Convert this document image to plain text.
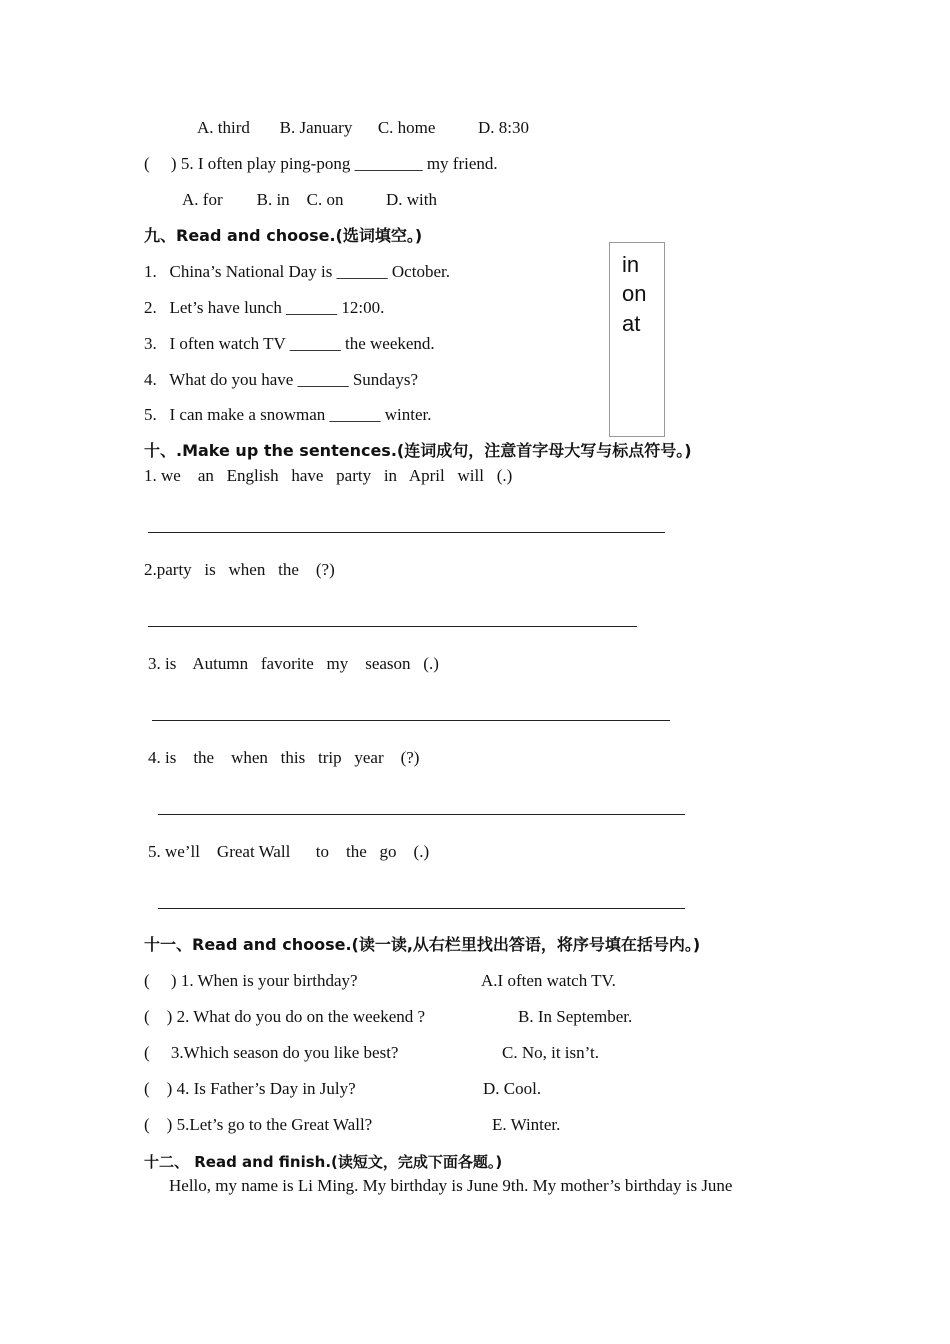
A. third       B. January      C. home          D. 8:30
(     ) 5. I often play ping-pong ________ my friend.
A. for        B. in    C. on          D. with
九、Read and choose.(选词填空。)
1.   China’s National Day is ______ October.
2.   Let’s have lunch ______ 12:00.
3.   I often watch TV ______ the weekend.
4.   What do you have ______ Sundays?
5.   I can make a snowman ______ winter.
in
on
at
十、.Make up the sentences.(连词成句，注意首字母大写与标点符号。)
1. we    an   English   have   party   in   April   will   (.)
2.party   is   when   the    (?)
3. is    Autumn   favorite   my    season   (.)
4. is    the    when   this   trip   year    (?)
5. we’ll    Great Wall      to    the   go    (.)
十一、Read and choose.(读一读,从右栏里找出答语，将序号填在括号内。)
(     ) 1. When is your birthday?	A.I often watch TV.
(    ) 2. What do you do on the weekend ?	B. In September.
(     3.Which season do you like best?	C. No, it isn’t.
(    ) 4. Is Father’s Day in July?	D. Cool.
(    ) 5.Let’s go to the Great Wall?	E. Winter.
十二、 Read and finish.(读短文，完成下面各题。)
Hello, my name is Li Ming. My birthday is June 9th. My mother’s birthday is June
